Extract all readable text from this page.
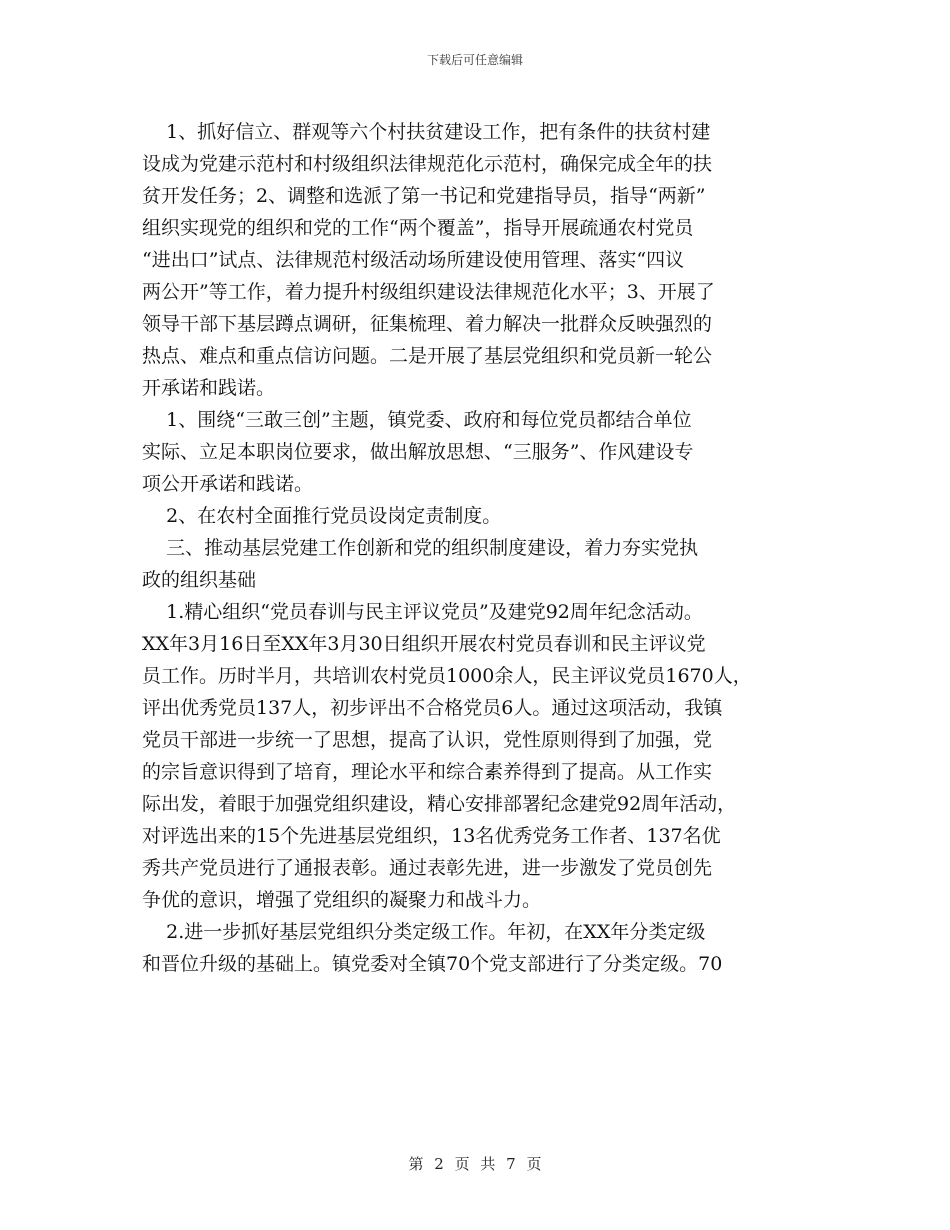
下载后可任意编辑
1、抓好信立、群观等六个村扶贫建设工作，把有条件的扶贫村建
设成为党建示范村和村级组织法律规范化示范村，确保完成全年的扶
贫开发任务；2、调整和选派了第一书记和党建指导员，指导“两新”
组织实现党的组织和党的工作“两个覆盖”，指导开展疏通农村党员
“进出口”试点、法律规范村级活动场所建设使用管理、落实“四议
两公开”等工作，着力提升村级组织建设法律规范化水平；3、开展了
领导干部下基层蹲点调研，征集梳理、着力解决一批群众反映强烈的
热点、难点和重点信访问题。二是开展了基层党组织和党员新一轮公
开承诺和践诺。
1、围绕“三敢三创”主题，镇党委、政府和每位党员都结合单位
实际、立足本职岗位要求，做出解放思想、“三服务”、作风建设专
项公开承诺和践诺。
2、在农村全面推行党员设岗定责制度。
三、推动基层党建工作创新和党的组织制度建设，着力夯实党执
政的组织基础
1.精心组织“党员春训与民主评议党员”及建党92周年纪念活动。
XX年3月16日至XX年3月30日组织开展农村党员春训和民主评议党
员工作。历时半月，共培训农村党员1000余人，民主评议党员1670人，
评出优秀党员137人，初步评出不合格党员6人。通过这项活动，我镇
党员干部进一步统一了思想，提高了认识，党性原则得到了加强，党
的宗旨意识得到了培育，理论水平和综合素养得到了提高。从工作实
际出发，着眼于加强党组织建设，精心安排部署纪念建党92周年活动，
对评选出来的15个先进基层党组织，13名优秀党务工作者、137名优
秀共产党员进行了通报表彰。通过表彰先进，进一步激发了党员创先
争优的意识，增强了党组织的凝聚力和战斗力。
2.进一步抓好基层党组织分类定级工作。年初，在XX年分类定级
和晋位升级的基础上。镇党委对全镇70个党支部进行了分类定级。70
第 2 页 共 7 页
